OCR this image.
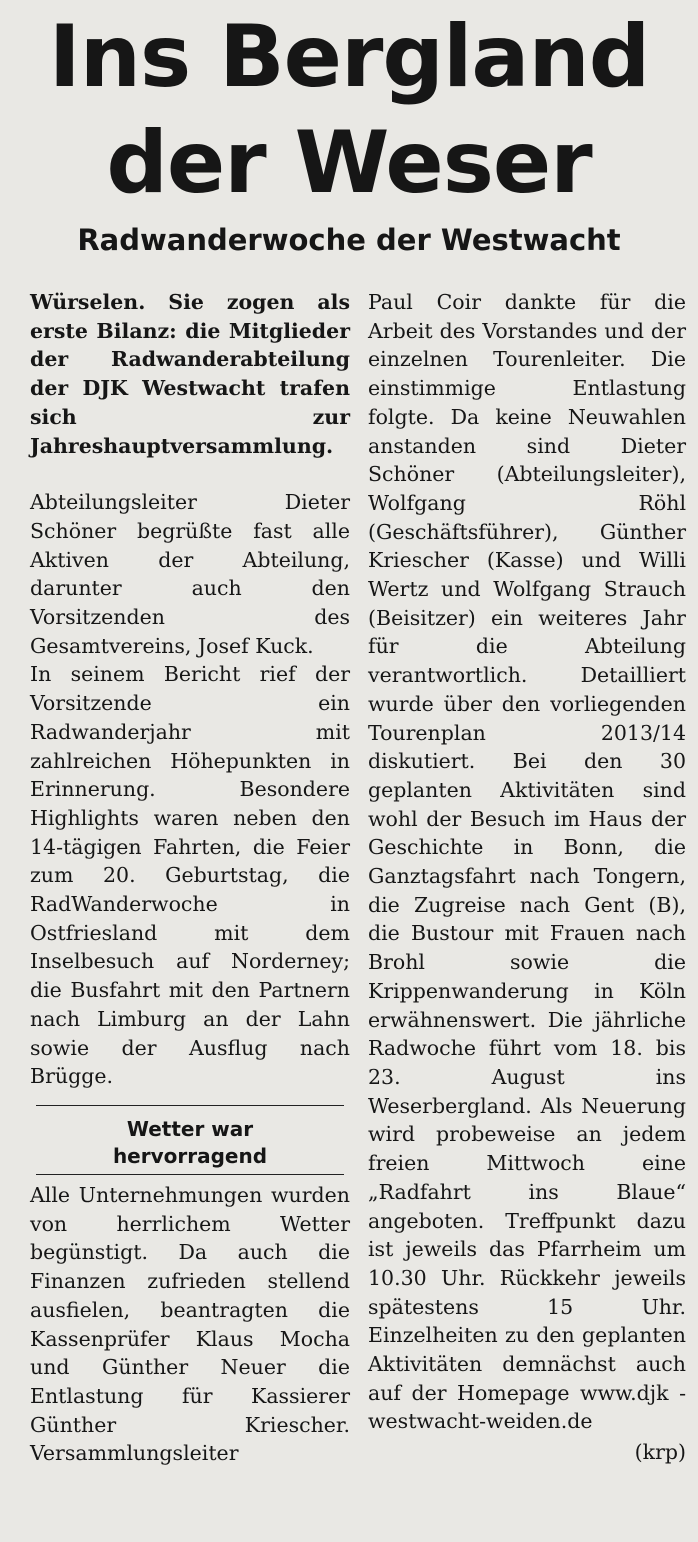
Ins Bergland
der Weser
Radwanderwoche der Westwacht

Würselen. Sie zogen als erste Bilanz: die Mitglieder der Radwanderabteilung der DJK Westwacht trafen sich zur Jahreshauptversammlung.

Abteilungsleiter Dieter Schöner begrüßte fast alle Aktiven der Abteilung, darunter auch den Vorsitzenden des Gesamtvereins, Josef Kuck.

In seinem Bericht rief der Vorsitzende ein Radwanderjahr mit zahlreichen Höhepunkten in Erinnerung. Besondere Highlights waren neben den 14-tägigen Fahrten, die Feier zum 20. Geburtstag, die RadWanderwoche in Ostfriesland mit dem Inselbesuch auf Norderney; die Busfahrt mit den Partnern nach Limburg an der Lahn sowie der Ausflug nach Brügge.

Wetter war
hervorragend

Alle Unternehmungen wurden von herrlichem Wetter begünstigt. Da auch die Finanzen zufrieden stellend ausfielen, beantragten die Kassenprüfer Klaus Mocha und Günther Neuer die Entlastung für Kassierer Günther Kriescher. Versammlungsleiter

Paul Coir dankte für die Arbeit des Vorstandes und der einzelnen Tourenleiter. Die einstimmige Entlastung folgte. Da keine Neuwahlen anstanden sind Dieter Schöner (Abteilungsleiter), Wolfgang Röhl (Geschäftsführer), Günther Kriescher (Kasse) und Willi Wertz und Wolfgang Strauch (Beisitzer) ein weiteres Jahr für die Abteilung verantwortlich. Detailliert wurde über den vorliegenden Tourenplan 2013/14 diskutiert. Bei den 30 geplanten Aktivitäten sind wohl der Besuch im Haus der Geschichte in Bonn, die Ganztagsfahrt nach Tongern, die Zugreise nach Gent (B), die Bustour mit Frauen nach Brohl sowie die Krippenwanderung in Köln erwähnenswert. Die jährliche Radwoche führt vom 18. bis 23. August ins Weserbergland. Als Neuerung wird probeweise an jedem freien Mittwoch eine „Radfahrt ins Blaue“ angeboten. Treffpunkt dazu ist jeweils das Pfarrheim um 10.30 Uhr. Rückkehr jeweils spätestens 15 Uhr. Einzelheiten zu den geplanten Aktivitäten demnächst auch auf der Homepage www.djk - westwacht-weiden.de

(krp)
